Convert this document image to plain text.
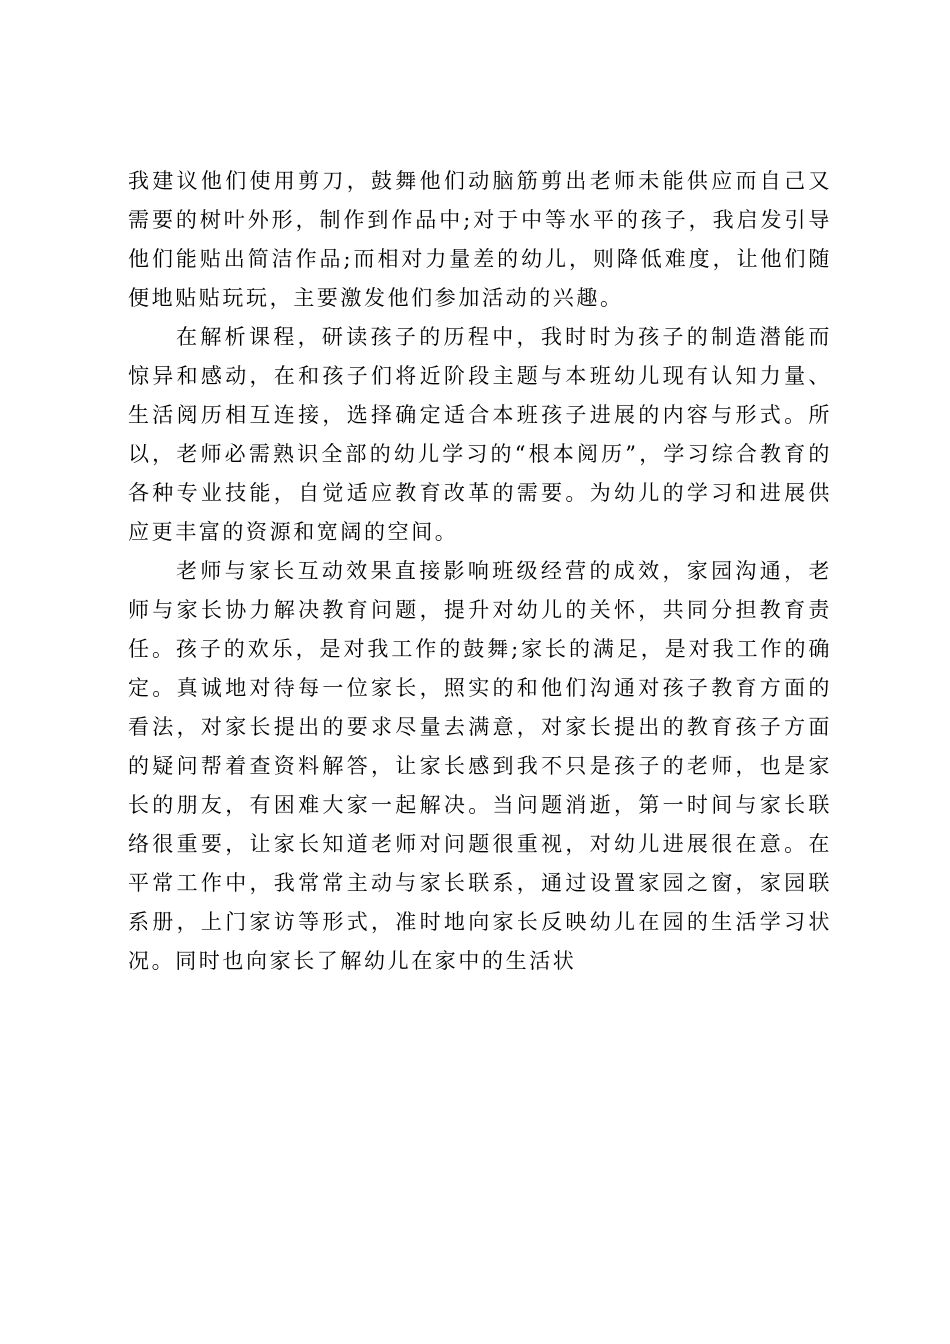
我建议他们使用剪刀，鼓舞他们动脑筋剪出老师未能供应而自己又需要的树叶外形，制作到作品中;对于中等水平的孩子，我启发引导他们能贴出简洁作品;而相对力量差的幼儿，则降低难度，让他们随便地贴贴玩玩，主要激发他们参加活动的兴趣。

在解析课程，研读孩子的历程中，我时时为孩子的制造潜能而惊异和感动，在和孩子们将近阶段主题与本班幼儿现有认知力量、生活阅历相互连接，选择确定适合本班孩子进展的内容与形式。所以，老师必需熟识全部的幼儿学习的“根本阅历”，学习综合教育的各种专业技能，自觉适应教育改革的需要。为幼儿的学习和进展供应更丰富的资源和宽阔的空间。

老师与家长互动效果直接影响班级经营的成效，家园沟通，老师与家长协力解决教育问题，提升对幼儿的关怀，共同分担教育责任。孩子的欢乐，是对我工作的鼓舞;家长的满足，是对我工作的确定。真诚地对待每一位家长，照实的和他们沟通对孩子教育方面的看法，对家长提出的要求尽量去满意，对家长提出的教育孩子方面的疑问帮着查资料解答，让家长感到我不只是孩子的老师，也是家长的朋友，有困难大家一起解决。当问题消逝，第一时间与家长联络很重要，让家长知道老师对问题很重视，对幼儿进展很在意。在平常工作中，我常常主动与家长联系，通过设置家园之窗，家园联系册，上门家访等形式，准时地向家长反映幼儿在园的生活学习状况。同时也向家长了解幼儿在家中的生活状
